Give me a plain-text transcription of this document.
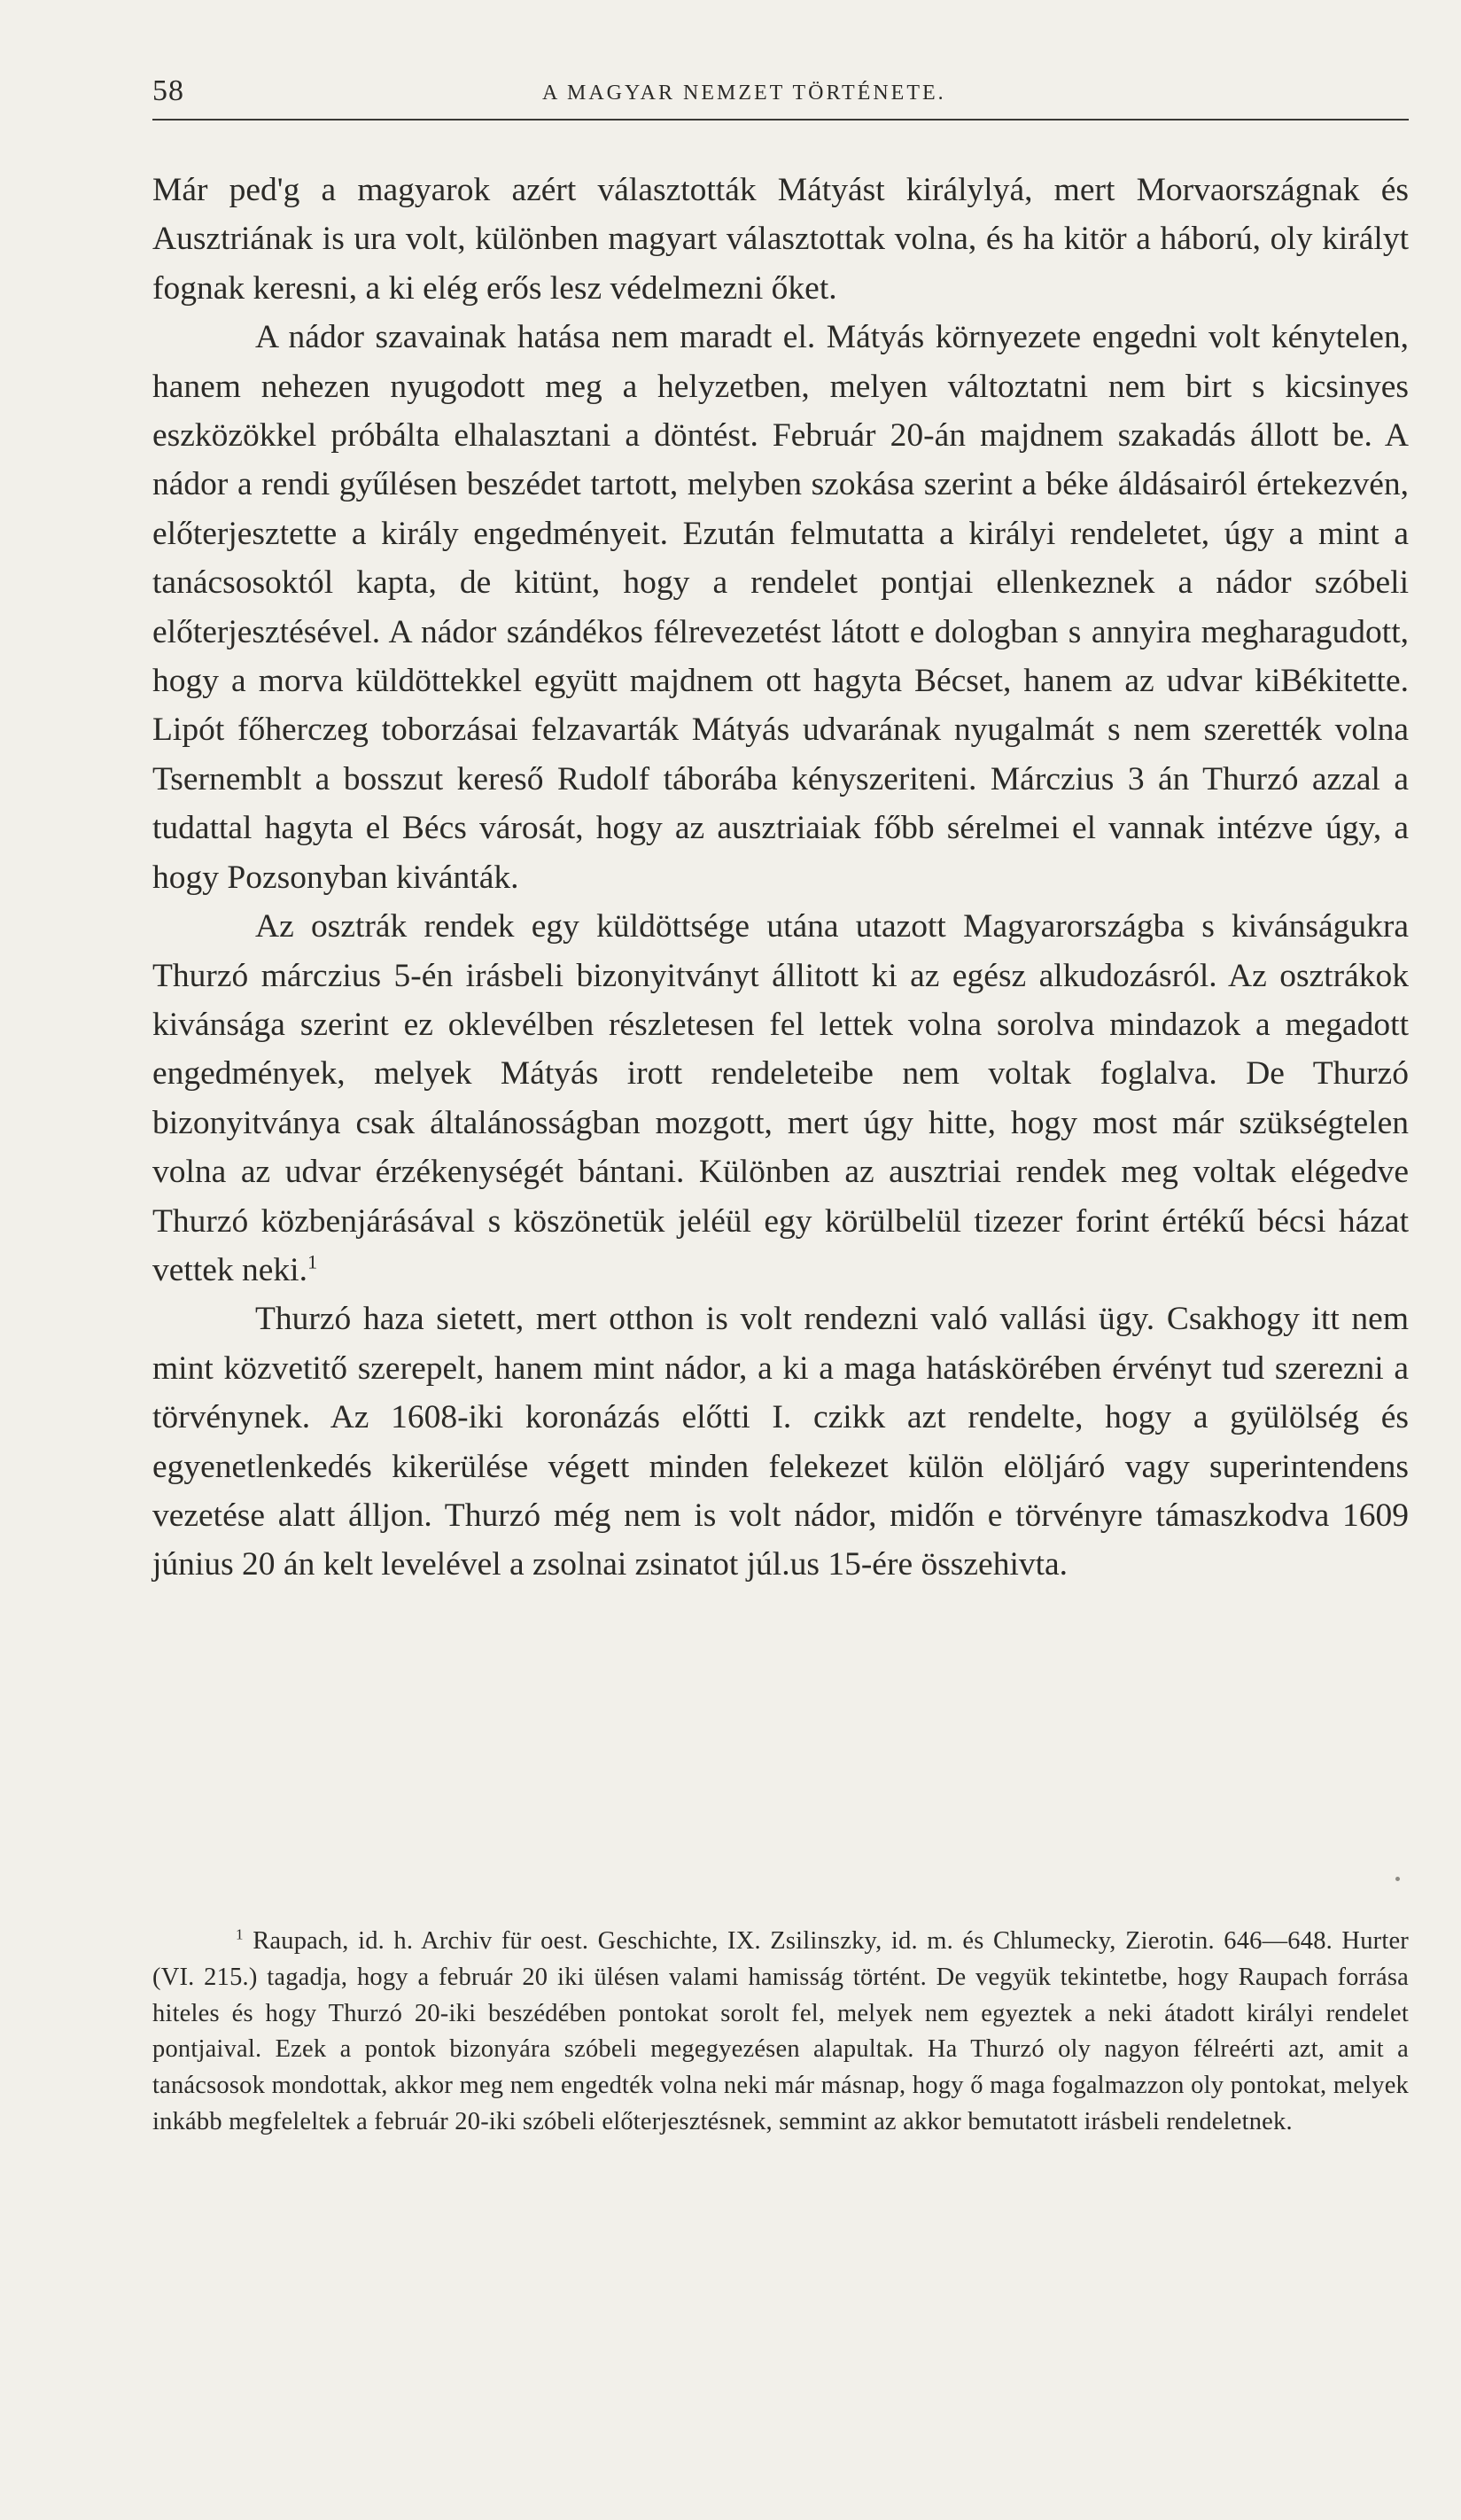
58	A MAGYAR NEMZET TÖRTÉNETE.

Már ped'g a magyarok azért választották Mátyást királylyá, mert Morvaországnak és Ausztriának is ura volt, különben magyart választottak volna, és ha kitör a háború, oly királyt fognak keresni, a ki elég erős lesz védelmezni őket.

A nádor szavainak hatása nem maradt el. Mátyás környezete engedni volt kénytelen, hanem nehezen nyugodott meg a helyzetben, melyen változtatni nem birt s kicsinyes eszközökkel próbálta elhalasztani a döntést. Február 20-án majdnem szakadás állott be. A nádor a rendi gyűlésen beszédet tartott, melyben szokása szerint a béke áldásairól értekezvén, előterjesztette a király engedményeit. Ezután felmutatta a királyi rendeletet, úgy a mint a tanácsosoktól kapta, de kitünt, hogy a rendelet pontjai ellenkeznek a nádor szóbeli előterjesztésével. A nádor szándékos félrevezetést látott e dologban s annyira megharagudott, hogy a morva küldöttekkel együtt majdnem ott hagyta Bécset, hanem az udvar kiBékitette. Lipót főherczeg toborzásai felzavarták Mátyás udvarának nyugalmát s nem szerették volna Tsernemblt a bosszut kereső Rudolf táborába kényszeriteni. Márczius 3 án Thurzó azzal a tudattal hagyta el Bécs városát, hogy az ausztriaiak főbb sérelmei el vannak intézve úgy, a hogy Pozsonyban kivánták.

Az osztrák rendek egy küldöttsége utána utazott Magyarországba s kivánságukra Thurzó márczius 5-én irásbeli bizonyitványt állitott ki az egész alkudozásról. Az osztrákok kivánsága szerint ez oklevélben részletesen fel lettek volna sorolva mindazok a megadott engedmények, melyek Mátyás irott rendeleteibe nem voltak foglalva. De Thurzó bizonyitványa csak általánosságban mozgott, mert úgy hitte, hogy most már szükségtelen volna az udvar érzékenységét bántani. Különben az ausztriai rendek meg voltak elégedve Thurzó közbenjárásával s köszönetük jeléül egy körülbelül tizezer forint értékű bécsi házat vettek neki.$^1$

Thurzó haza sietett, mert otthon is volt rendezni való vallási ügy. Csakhogy itt nem mint közvetitő szerepelt, hanem mint nádor, a ki a maga hatáskörében érvényt tud szerezni a törvénynek. Az 1608-iki koronázás előtti I. czikk azt rendelte, hogy a gyülölség és egyenetlenkedés kikerülése végett minden felekezet külön elöljáró vagy superintendens vezetése alatt álljon. Thurzó még nem is volt nádor, midőn e törvényre támaszkodva 1609 június 20 án kelt levelével a zsolnai zsinatot júl.us 15-ére összehivta.

$^1$ Raupach, id. h. Archiv für oest. Geschichte, IX. Zsilinszky, id. m. és Chlumecky, Zierotin. 646—648. Hurter (VI. 215.) tagadja, hogy a február 20 iki ülésen valami hamisság történt. De vegyük tekintetbe, hogy Raupach forrása hiteles és hogy Thurzó 20-iki beszédében pontokat sorolt fel, melyek nem egyeztek a neki átadott királyi rendelet pontjaival. Ezek a pontok bizonyára szóbeli megegyezésen alapultak. Ha Thurzó oly nagyon félreérti azt, amit a tanácsosok mondottak, akkor meg nem engedték volna neki már másnap, hogy ő maga fogalmazzon oly pontokat, melyek inkább megfeleltek a február 20-iki szóbeli előterjesztésnek, semmint az akkor bemutatott irásbeli rendeletnek.
